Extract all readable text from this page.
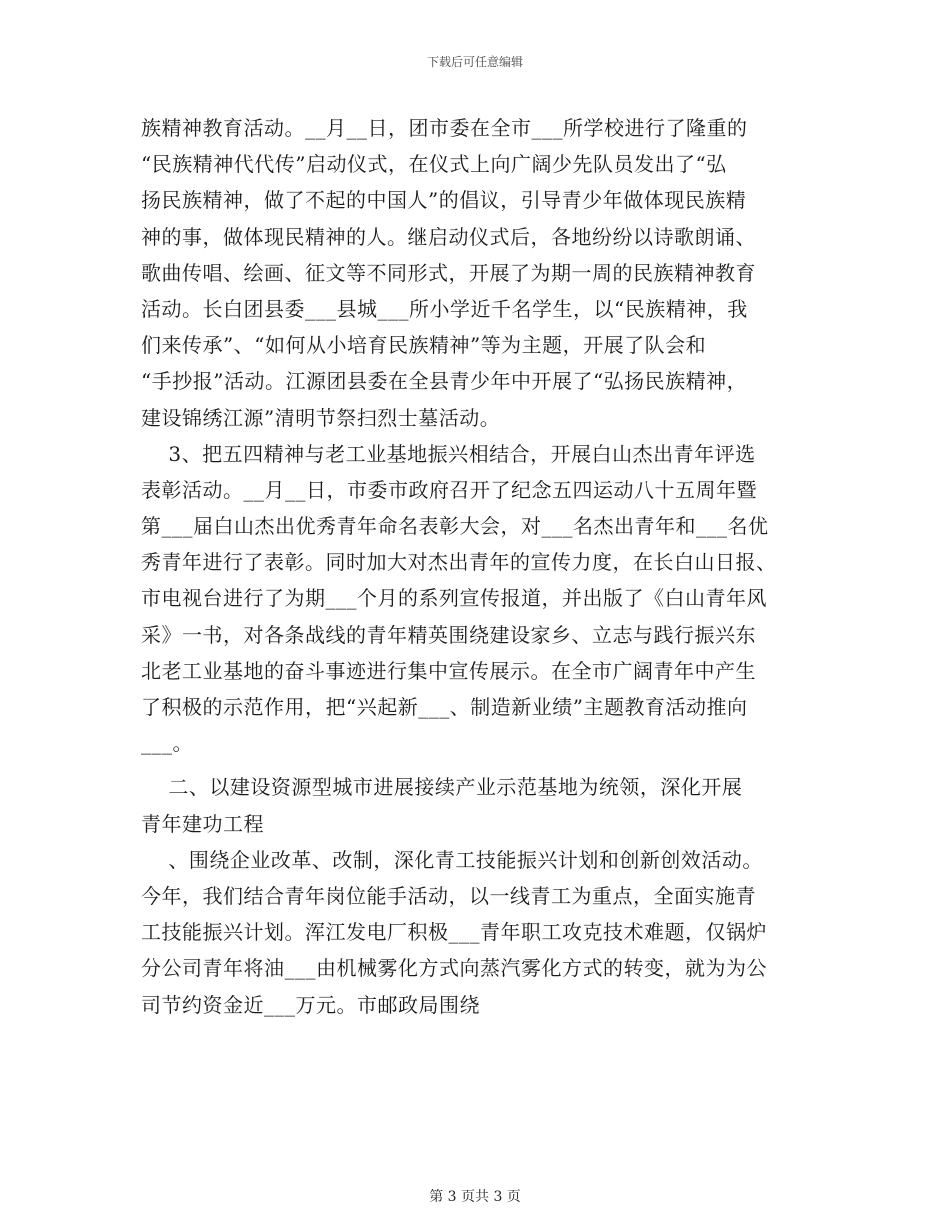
下载后可任意编辑
族精神教育活动。__月__日，团市委在全市___所学校进行了隆重的
“民族精神代代传”启动仪式，在仪式上向广阔少先队员发出了“弘
扬民族精神，做了不起的中国人”的倡议，引导青少年做体现民族精
神的事，做体现民精神的人。继启动仪式后，各地纷纷以诗歌朗诵、
歌曲传唱、绘画、征文等不同形式，开展了为期一周的民族精神教育
活动。长白团县委___县城___所小学近千名学生，以“民族精神，我
们来传承”、“如何从小培育民族精神”等为主题，开展了队会和
“手抄报”活动。江源团县委在全县青少年中开展了“弘扬民族精神，
建设锦绣江源”清明节祭扫烈士墓活动。
3、把五四精神与老工业基地振兴相结合，开展白山杰出青年评选
表彰活动。__月__日，市委市政府召开了纪念五四运动八十五周年暨
第___届白山杰出优秀青年命名表彰大会，对___名杰出青年和___名优
秀青年进行了表彰。同时加大对杰出青年的宣传力度，在长白山日报、
市电视台进行了为期___个月的系列宣传报道，并出版了《白山青年风
采》一书，对各条战线的青年精英围绕建设家乡、立志与践行振兴东
北老工业基地的奋斗事迹进行集中宣传展示。在全市广阔青年中产生
了积极的示范作用，把“兴起新___、制造新业绩”主题教育活动推向
___。
二、以建设资源型城市进展接续产业示范基地为统领，深化开展
青年建功工程
、围绕企业改革、改制，深化青工技能振兴计划和创新创效活动。
今年，我们结合青年岗位能手活动，以一线青工为重点，全面实施青
工技能振兴计划。浑江发电厂积极___青年职工攻克技术难题，仅锅炉
分公司青年将油___由机械雾化方式向蒸汽雾化方式的转变，就为为公
司节约资金近___万元。市邮政局围绕
第 3 页共 3 页
